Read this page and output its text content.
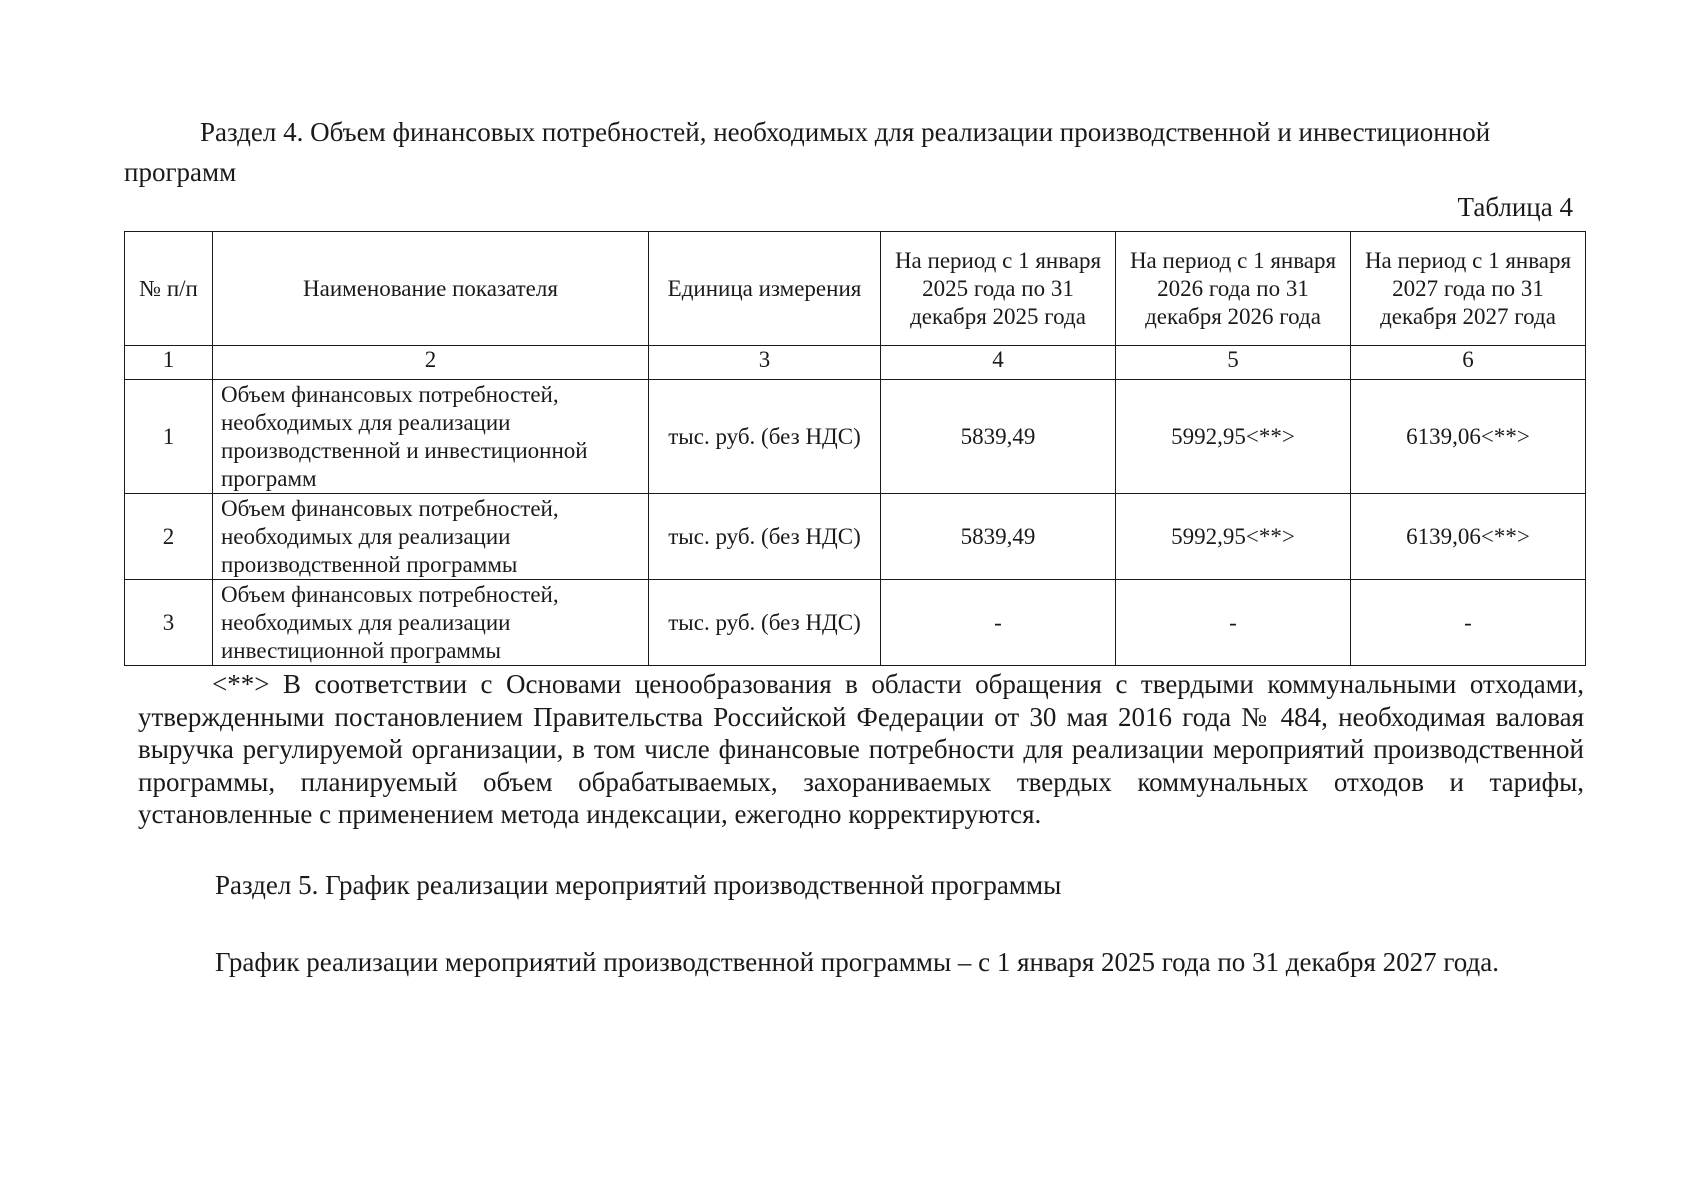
Раздел 4. Объем финансовых потребностей, необходимых для реализации производственной и инвестиционной программ
Таблица 4
№ п/п	Наименование показателя	Единица измерения	На период с 1 января 2025 года по 31 декабря 2025 года	На период с 1 января 2026 года по 31 декабря 2026 года	На период с 1 января 2027 года по 31 декабря 2027 года
1	2	3	4	5	6
1	Объем финансовых потребностей, необходимых для реализации производственной и инвестиционной программ	тыс. руб. (без НДС)	5839,49	5992,95<**>	6139,06<**>
2	Объем финансовых потребностей, необходимых для реализации производственной программы	тыс. руб. (без НДС)	5839,49	5992,95<**>	6139,06<**>
3	Объем финансовых потребностей, необходимых для реализации инвестиционной программы	тыс. руб. (без НДС)	-	-	-

<**> В соответствии с Основами ценообразования в области обращения с твердыми коммунальными отходами, утвержденными постановлением Правительства Российской Федерации от 30 мая 2016 года № 484, необходимая валовая выручка регулируемой организации, в том числе финансовые потребности для реализации мероприятий производственной программы, планируемый объем обрабатываемых, захораниваемых твердых коммунальных отходов и тарифы, установленные с применением метода индексации, ежегодно корректируются.

Раздел 5. График реализации мероприятий производственной программы

График реализации мероприятий производственной программы – с 1 января 2025 года по 31 декабря 2027 года.
